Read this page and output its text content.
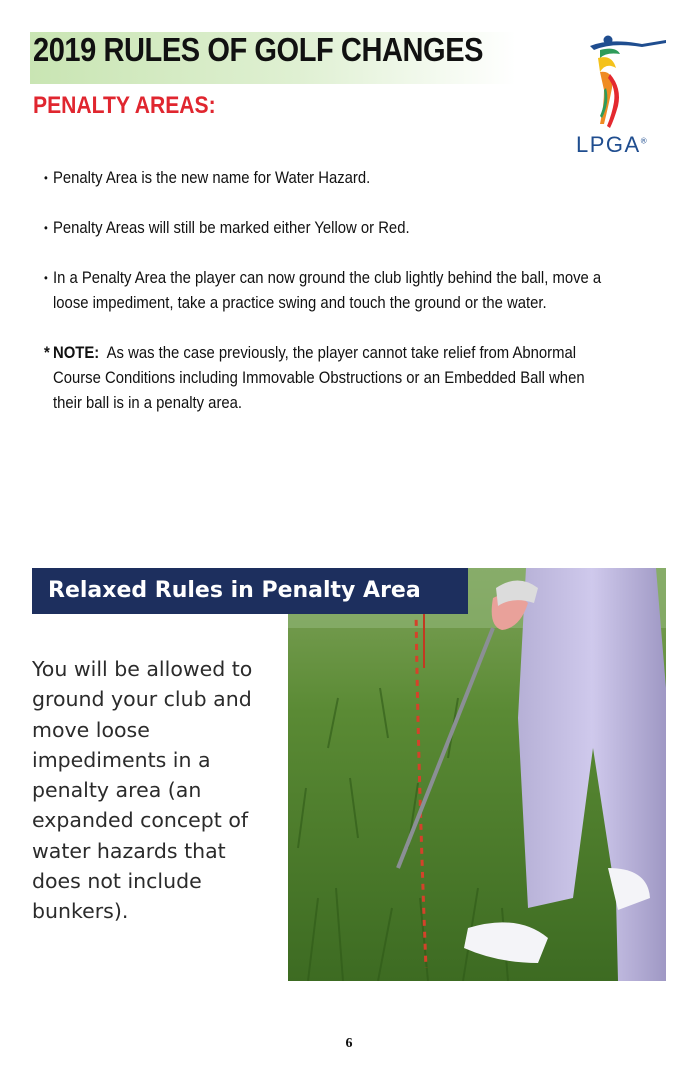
2019 RULES OF GOLF CHANGES
PENALTY AREAS:
LPGA®
• Penalty Area is the new name for Water Hazard.
• Penalty Areas will still be marked either Yellow or Red.
• In a Penalty Area the player can now ground the club lightly behind the ball, move a loose impediment, take a practice swing and touch the ground or the water.
* NOTE: As was the case previously, the player cannot take relief from Abnormal Course Conditions including Immovable Obstructions or an Embedded Ball when their ball is in a penalty area.
Relaxed Rules in Penalty Area
You will be allowed to ground your club and move loose impediments in a penalty area (an expanded concept of water hazards that does not include bunkers).
6
